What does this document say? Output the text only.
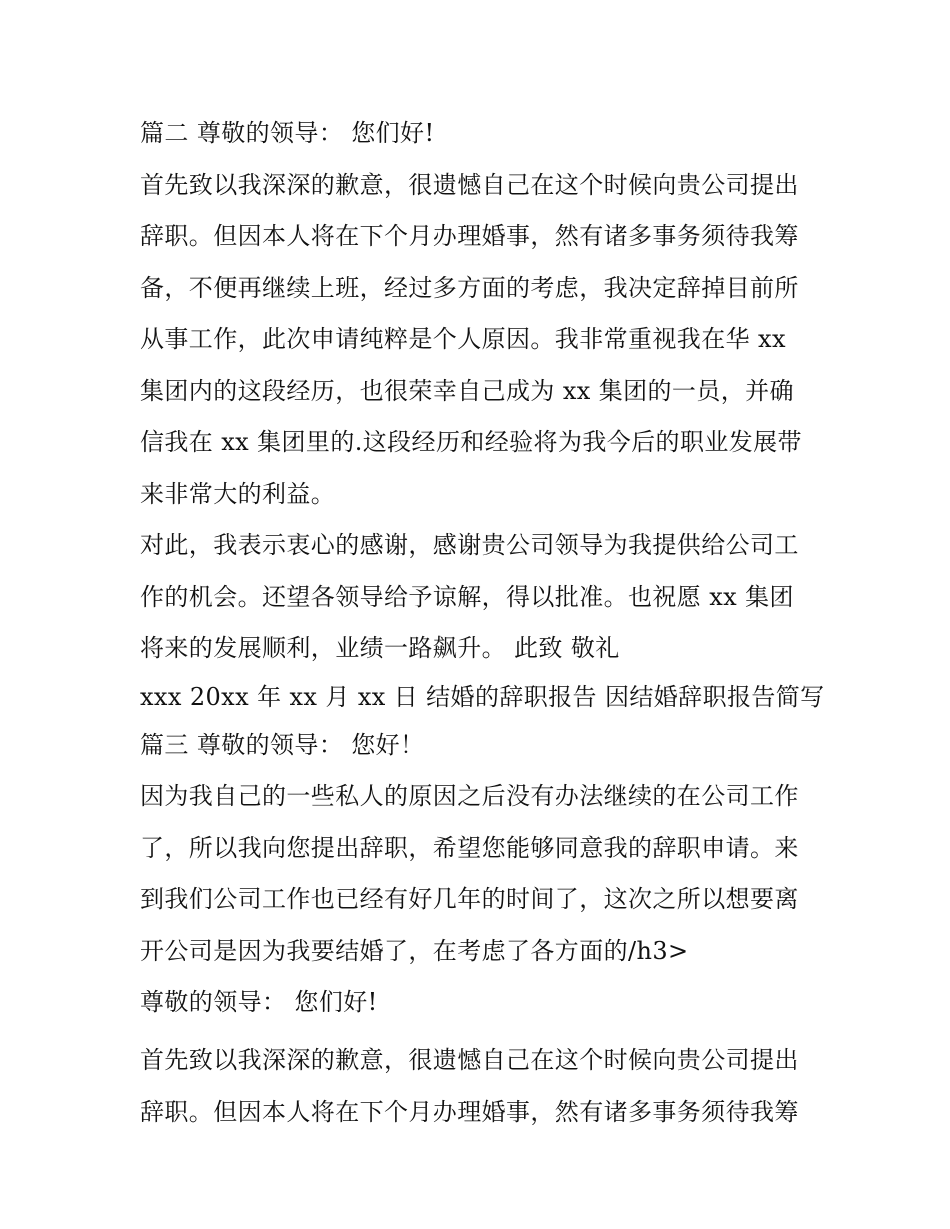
篇二 尊敬的领导： 您们好!
首先致以我深深的歉意，很遗憾自己在这个时候向贵公司提出
辞职。但因本人将在下个月办理婚事，然有诸多事务须待我筹
备，不便再继续上班，经过多方面的考虑，我决定辞掉目前所
从事工作，此次申请纯粹是个人原因。我非常重视我在华 xx
集团内的这段经历，也很荣幸自己成为 xx 集团的一员，并确
信我在 xx 集团里的.这段经历和经验将为我今后的职业发展带
来非常大的利益。
对此，我表示衷心的感谢，感谢贵公司领导为我提供给公司工
作的机会。还望各领导给予谅解，得以批准。也祝愿 xx 集团
将来的发展顺利，业绩一路飙升。 此致 敬礼
xxx 20xx 年 xx 月 xx 日 结婚的辞职报告 因结婚辞职报告简写
篇三 尊敬的领导： 您好！
因为我自己的一些私人的原因之后没有办法继续的在公司工作
了，所以我向您提出辞职，希望您能够同意我的辞职申请。来
到我们公司工作也已经有好几年的时间了，这次之所以想要离
开公司是因为我要结婚了，在考虑了各方面的/h3>
尊敬的领导： 您们好!
首先致以我深深的歉意，很遗憾自己在这个时候向贵公司提出
辞职。但因本人将在下个月办理婚事，然有诸多事务须待我筹
